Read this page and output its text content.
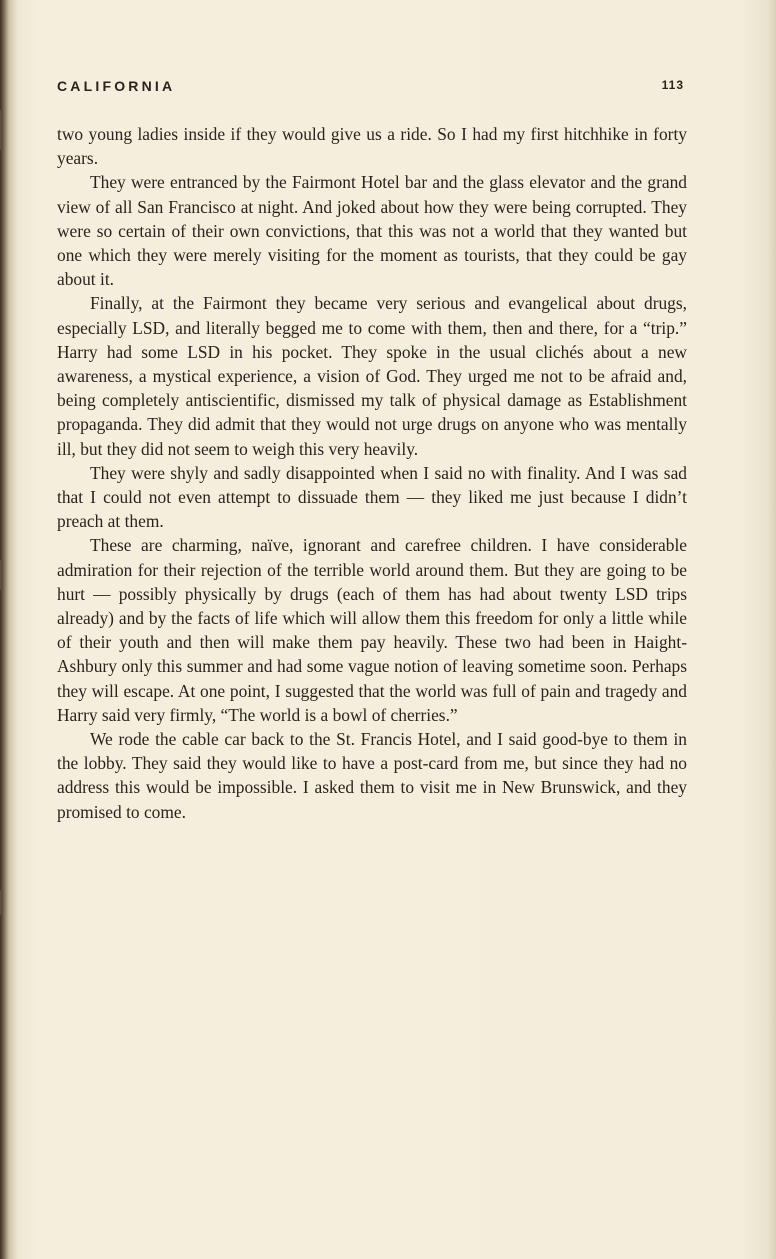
CALIFORNIA	113

two young ladies inside if they would give us a ride. So I had my first hitchhike in forty years.

They were entranced by the Fairmont Hotel bar and the glass elevator and the grand view of all San Francisco at night. And joked about how they were being corrupted. They were so certain of their own convictions, that this was not a world that they wanted but one which they were merely visiting for the moment as tourists, that they could be gay about it.

Finally, at the Fairmont they became very serious and evangelical about drugs, especially LSD, and literally begged me to come with them, then and there, for a “trip.” Harry had some LSD in his pocket. They spoke in the usual clichés about a new awareness, a mystical experience, a vision of God. They urged me not to be afraid and, being completely antiscientific, dismissed my talk of physical damage as Establishment propaganda. They did admit that they would not urge drugs on anyone who was mentally ill, but they did not seem to weigh this very heavily.

They were shyly and sadly disappointed when I said no with finality. And I was sad that I could not even attempt to dissuade them — they liked me just because I didn’t preach at them.

These are charming, naïve, ignorant and carefree children. I have considerable admiration for their rejection of the terrible world around them. But they are going to be hurt — possibly physically by drugs (each of them has had about twenty LSD trips already) and by the facts of life which will allow them this freedom for only a little while of their youth and then will make them pay heavily. These two had been in Haight-Ashbury only this summer and had some vague notion of leaving sometime soon. Perhaps they will escape. At one point, I suggested that the world was full of pain and tragedy and Harry said very firmly, “The world is a bowl of cherries.”

We rode the cable car back to the St. Francis Hotel, and I said good-bye to them in the lobby. They said they would like to have a post-card from me, but since they had no address this would be impossible. I asked them to visit me in New Brunswick, and they promised to come.
